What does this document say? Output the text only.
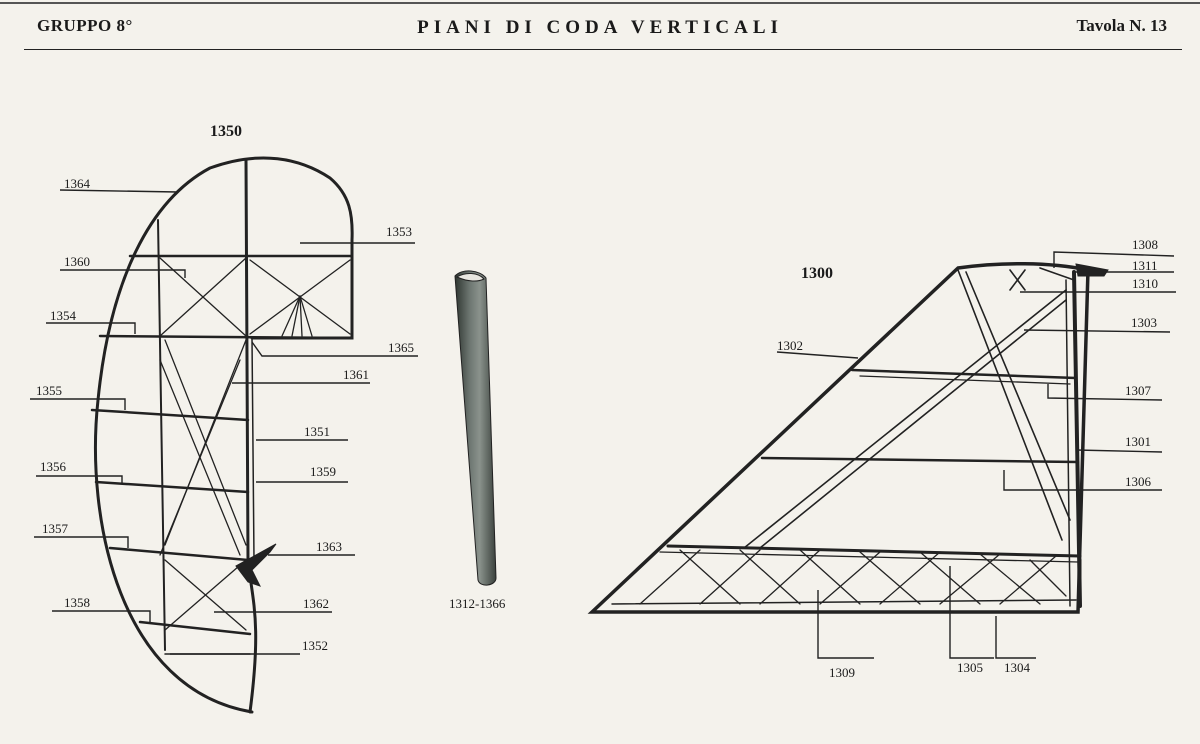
GRUPPO 8°	PIANI DI CODA VERTICALI	Tavola N. 13
1350
1364
1353
1360
1354
1365
1361
1355
1351
1356	1359
1357
1363
1358	1362
1352
1312-1366
1300
1308
1311
1310
1303
1302
1307
1301
1306
1309	1305 1304
